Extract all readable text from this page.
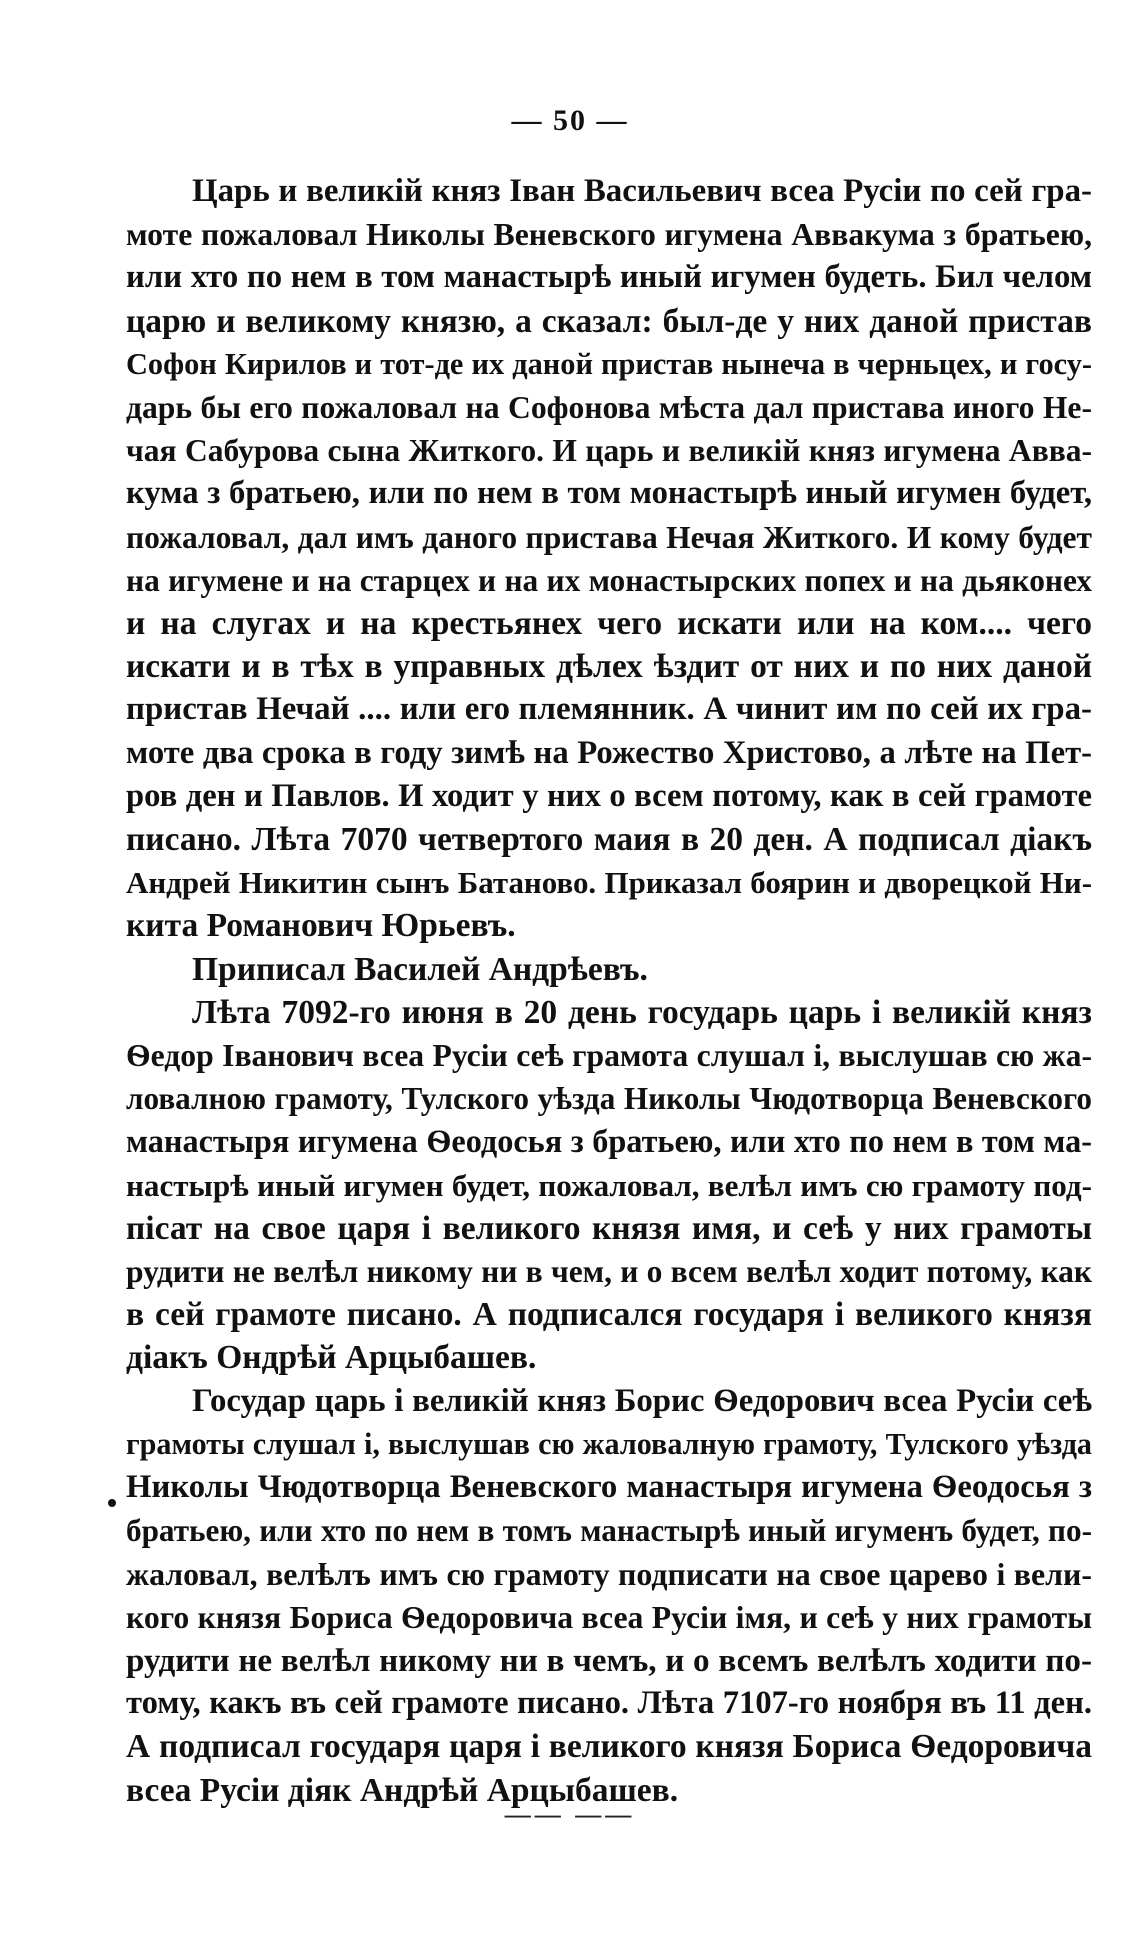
— 50 —

Царь и великiй княз Iван Васильевич всеа Русiи по сей гра-
моте пожаловал Николы Веневского игумена Аввакума з братьею,
или хто по нем в том манастырѣ иный игумен будеть. Бил челом
царю и великому князю, а сказал: был-де у них даной пристав
Софон Кирилов и тот-де их даной пристав нынеча в черньцех, и госу-
дарь бы его пожаловал на Софонова мѣста дал пристава иного Не-
чая Сабурова сына Житкого. И царь и великiй княз игумена Авва-
кума з братьею, или по нем в том монастырѣ иный игумен будет,
пожаловал, дал имъ даного пристава Нечая Житкого. И кому будет
на игумене и на старцех и на их монастырских попех и на дьяконех
и на слугах и на крестьянех чего искати или на ком.... чего
искати и в тѣх в управных дѣлех ѣздит от них и по них даной
пристав Нечай .... или его племянник. А чинит им по сей их гра-
моте два срока в году зимѣ на Рожество Христово, а лѣте на Пет-
ров ден и Павлов. И ходит у них о всем потому, как в сей грамоте
писано. Лѣта 7070 четвертого маия в 20 ден. А подписал дiакъ
Андрей Никитин сынъ Батаново. Приказал боярин и дворецкой Ни-
кита Романович Юрьевъ.

Приписал Василей Андрѣевъ.

Лѣта 7092-го июня в 20 день государь царь i великiй княз
Ѳедор Iванович всеа Русiи сеѣ грамота слушал i, выслушав сю жа-
ловалною грамоту, Тулского уѣзда Николы Чюдотворца Веневского
манастыря игумена Ѳеодосья з братьею, или хто по нем в том ма-
настырѣ иный игумен будет, пожаловал, велѣл имъ сю грамоту под-
пiсат на свое царя i великого князя имя, и сеѣ у них грамоты
рудити не велѣл никому ни в чем, и о всем велѣл ходит потому, как
в сей грамоте писано. А подписался государя i великого князя
дiакъ Ондрѣй Арцыбашев.

Государ царь i великiй княз Борис Ѳедорович всеа Русiи сеѣ
грамоты слушал i, выслушав сю жаловалную грамоту, Тулского уѣзда
Николы Чюдотворца Веневского манастыря игумена Ѳеодосья з
братьею, или хто по нем в томъ манастырѣ иный игуменъ будет, по-
жаловал, велѣлъ имъ сю грамоту подписати на свое царево i вели-
кого князя Бориса Ѳедоровича всеа Русiи iмя, и сеѣ у них грамоты
рудити не велѣл никому ни в чемъ, и о всемъ велѣлъ ходити по-
тому, какъ въ сей грамоте писано. Лѣта 7107-го ноября въ 11 ден.
А подписал государя царя i великого князя Бориса Ѳедоровича
всеа Русiи дiяк Андрѣй Арцыбашев.

—— ——
